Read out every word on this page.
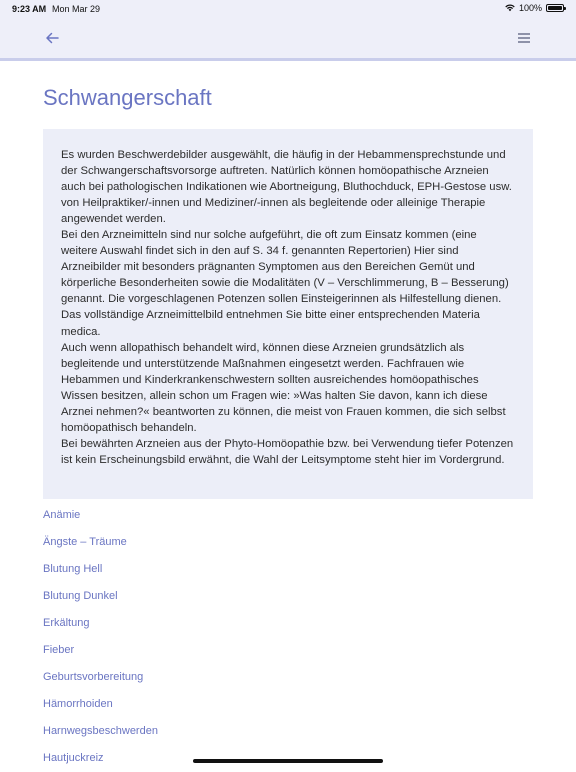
9:23 AM Mon Mar 29	100%
Schwangerschaft

Es wurden Beschwerdebilder ausgewählt, die häufig in der Hebammensprechstunde und der Schwangerschaftsvorsorge auftreten. Natürlich können homöopathische Arzneien auch bei pathologischen Indikationen wie Abortneigung, Bluthochduck, EPH-Gestose usw. von Heilpraktiker/-innen und Mediziner/-innen als begleitende oder alleinige Therapie angewendet werden.

Bei den Arzneimitteln sind nur solche aufgeführt, die oft zum Einsatz kommen (eine weitere Auswahl findet sich in den auf S. 34 f. genannten Repertorien) Hier sind Arzneibilder mit besonders prägnanten Symptomen aus den Bereichen Gemüt und körperliche Besonderheiten sowie die Modalitäten (V – Verschlimmerung, B – Besserung) genannt. Die vorgeschlagenen Potenzen sollen Einsteigerinnen als Hilfestellung dienen. Das vollständige Arzneimittelbild entnehmen Sie bitte einer entsprechenden Materia medica.

Auch wenn allopathisch behandelt wird, können diese Arzneien grundsätzlich als begleitende und unterstützende Maßnahmen eingesetzt werden. Fachfrauen wie Hebammen und Kinderkrankenschwestern sollten ausreichendes homöopathisches Wissen besitzen, allein schon um Fragen wie: »Was halten Sie davon, kann ich diese Arznei nehmen?« beantworten zu können, die meist von Frauen kommen, die sich selbst homöopathisch behandeln.

Bei bewährten Arzneien aus der Phyto-Homöopathie bzw. bei Verwendung tiefer Potenzen ist kein Erscheinungsbild erwähnt, die Wahl der Leitsymptome steht hier im Vordergrund.

Anämie
Ängste – Träume
Blutung Hell
Blutung Dunkel
Erkältung
Fieber
Geburtsvorbereitung
Hämorrhoiden
Harnwegsbeschwerden
Hautjuckreiz
